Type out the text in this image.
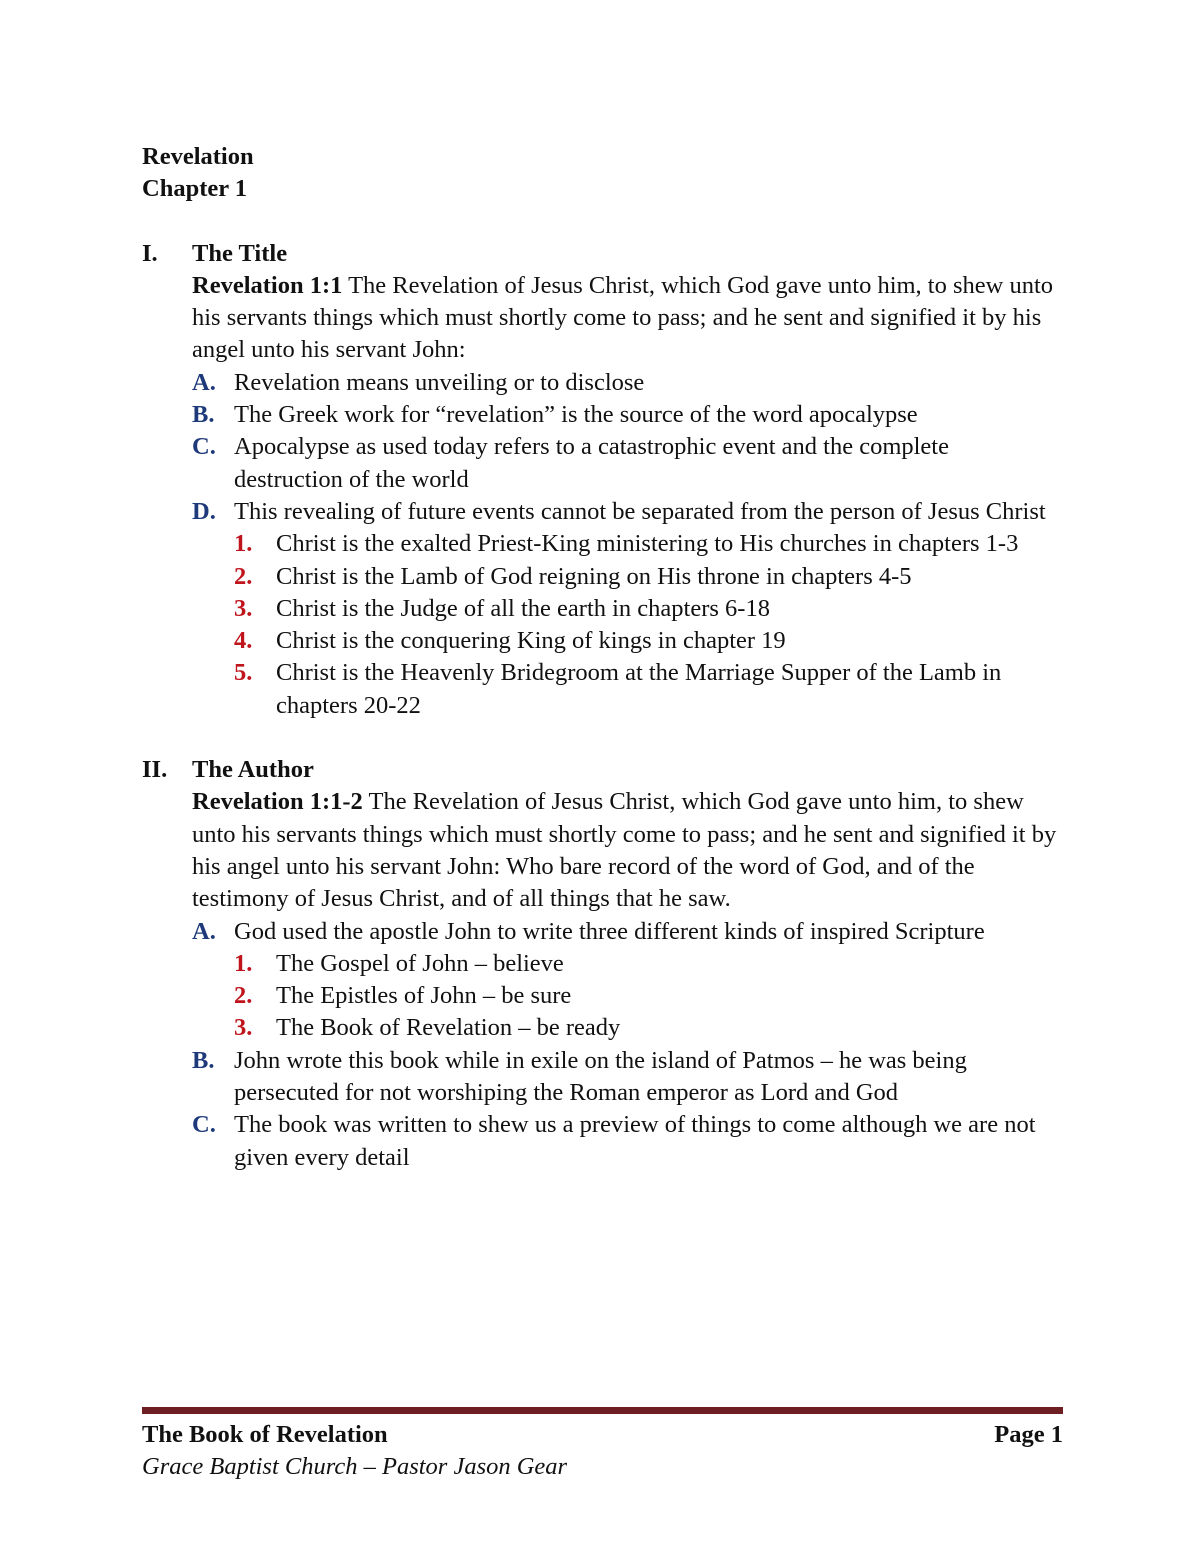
Revelation
Chapter 1
I.	The Title
Revelation 1:1 The Revelation of Jesus Christ, which God gave unto him, to shew unto his servants things which must shortly come to pass; and he sent and signified it by his angel unto his servant John:
A. Revelation means unveiling or to disclose
B. The Greek work for “revelation” is the source of the word apocalypse
C. Apocalypse as used today refers to a catastrophic event and the complete destruction of the world
D. This revealing of future events cannot be separated from the person of Jesus Christ
1. Christ is the exalted Priest-King ministering to His churches in chapters 1-3
2. Christ is the Lamb of God reigning on His throne in chapters 4-5
3. Christ is the Judge of all the earth in chapters 6-18
4. Christ is the conquering King of kings in chapter 19
5. Christ is the Heavenly Bridegroom at the Marriage Supper of the Lamb in chapters 20-22
II.	The Author
Revelation 1:1-2 The Revelation of Jesus Christ, which God gave unto him, to shew unto his servants things which must shortly come to pass; and he sent and signified it by his angel unto his servant John: Who bare record of the word of God, and of the testimony of Jesus Christ, and of all things that he saw.
A. God used the apostle John to write three different kinds of inspired Scripture
1. The Gospel of John – believe
2. The Epistles of John – be sure
3. The Book of Revelation – be ready
B. John wrote this book while in exile on the island of Patmos – he was being persecuted for not worshiping the Roman emperor as Lord and God
C. The book was written to shew us a preview of things to come although we are not given every detail
The Book of Revelation	Page 1
Grace Baptist Church – Pastor Jason Gear
